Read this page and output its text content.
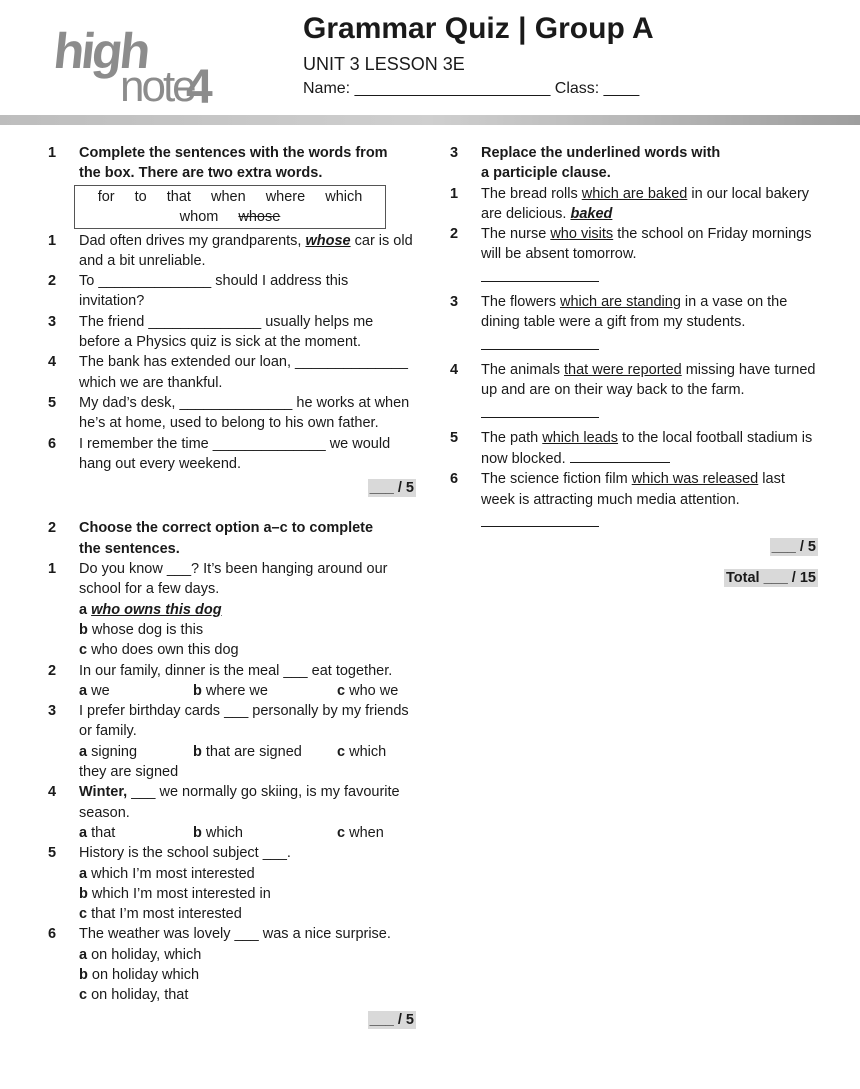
high
note
4
Grammar Quiz | Group A
UNIT 3 LESSON 3E
Name: ______________________ Class: ____
1 Complete the sentences with the words from
the box. There are two extra words.
for to that when where which
whom whose
1 Dad often drives my grandparents, whose car is old and a bit unreliable.
2 To ______________ should I address this invitation?
3 The friend ______________ usually helps me before a Physics quiz is sick at the moment.
4 The bank has extended our loan, ______________ which we are thankful.
5 My dad’s desk, ______________ he works at when he’s at home, used to belong to his own father.
6 I remember the time ______________ we would hang out every weekend.
___ / 5
2 Choose the correct option a–c to complete
the sentences.
1 Do you know ___? It’s been hanging around our school for a few days.
a who owns this dog
b whose dog is this
c who does own this dog
2 In our family, dinner is the meal ___ eat together.
a we	b where we	c who we
3 I prefer birthday cards ___ personally by my friends or family.
a signing	b that are signed	c which
they are signed
4 Winter, ___ we normally go skiing, is my favourite season.
a that	b which	c when
5 History is the school subject ___.
a which I’m most interested
b which I’m most interested in
c that I’m most interested
6 The weather was lovely ___ was a nice surprise.
a on holiday, which
b on holiday which
c on holiday, that
___ / 5
3 Replace the underlined words with
a participle clause.
1 The bread rolls which are baked in our local bakery are delicious. baked
2 The nurse who visits the school on Friday mornings will be absent tomorrow.
3 The flowers which are standing in a vase on the dining table were a gift from my students.
4 The animals that were reported missing have turned up and are on their way back to the farm.
5 The path which leads to the local football stadium is now blocked.
6 The science fiction film which was released last week is attracting much media attention.
___ / 5
Total ___ / 15
